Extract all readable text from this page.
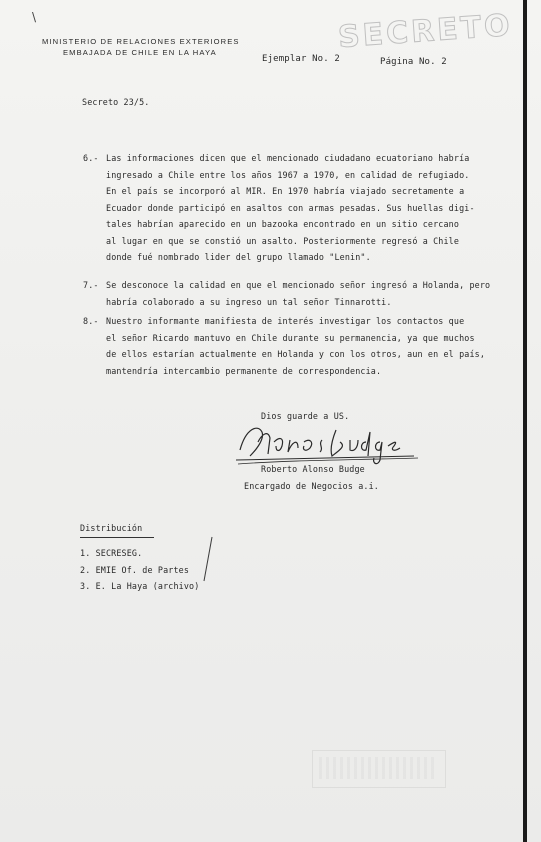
\
MINISTERIO DE RELACIONES EXTERIORES
EMBAJADA DE CHILE EN LA HAYA	SECRETO
Ejemplar No. 2	Página No. 2
Secreto 23/5.
6.- Las informaciones dicen que el mencionado ciudadano ecuatoriano habría
ingresado a Chile entre los años 1967 a 1970, en calidad de refugiado.
En el país se incorporó al MIR. En 1970 habría viajado secretamente a
Ecuador donde participó en asaltos con armas pesadas. Sus huellas digi-
tales habrían aparecido en un bazooka encontrado en un sitio cercano
al lugar en que se constió un asalto. Posteriormente regresó a Chile
donde fué nombrado lider del grupo llamado "Lenin".
7.- Se desconoce la calidad en que el mencionado señor ingresó a Holanda, pero
habría colaborado a su ingreso un tal señor Tinnarotti.
8.- Nuestro informante manifiesta de interés investigar los contactos que
el señor Ricardo mantuvo en Chile durante su permanencia, ya que muchos
de ellos estarían actualmente en Holanda y con los otros, aun en el país,
mantendría intercambio permanente de correspondencia.
Dios guarde a US.
Roberto Alonso Budge
Encargado de Negocios a.i.
Distribución
1. SECRESEG.
2. EMIE Of. de Partes
3. E. La Haya (archivo)
